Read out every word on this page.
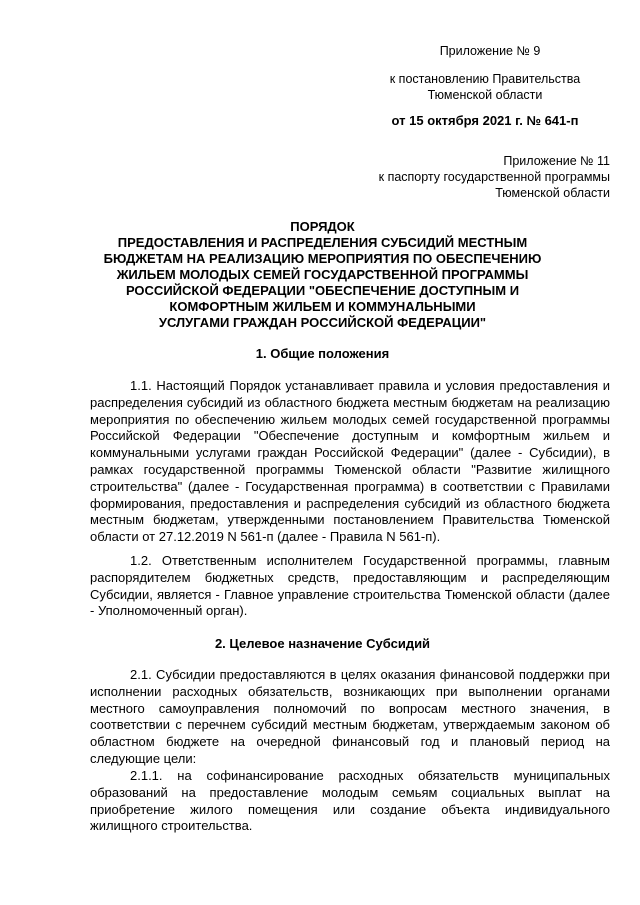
Приложение № 9
к постановлению Правительства
Тюменской области
от 15 октября 2021 г. № 641-п
Приложение № 11
к паспорту государственной программы
Тюменской области
ПОРЯДОК
ПРЕДОСТАВЛЕНИЯ И РАСПРЕДЕЛЕНИЯ СУБСИДИЙ МЕСТНЫМ
БЮДЖЕТАМ НА РЕАЛИЗАЦИЮ МЕРОПРИЯТИЯ ПО ОБЕСПЕЧЕНИЮ
ЖИЛЬЕМ МОЛОДЫХ СЕМЕЙ ГОСУДАРСТВЕННОЙ ПРОГРАММЫ
РОССИЙСКОЙ ФЕДЕРАЦИИ "ОБЕСПЕЧЕНИЕ ДОСТУПНЫМ И
КОМФОРТНЫМ ЖИЛЬЕМ И КОММУНАЛЬНЫМИ
УСЛУГАМИ ГРАЖДАН РОССИЙСКОЙ ФЕДЕРАЦИИ"
1. Общие положения

1.1. Настоящий Порядок устанавливает правила и условия предоставления и распределения субсидий из областного бюджета местным бюджетам на реализацию мероприятия по обеспечению жильем молодых семей государственной программы Российской Федерации "Обеспечение доступным и комфортным жильем и коммунальными услугами граждан Российской Федерации" (далее - Субсидии), в рамках государственной программы Тюменской области "Развитие жилищного строительства" (далее - Государственная программа) в соответствии с Правилами формирования, предоставления и распределения субсидий из областного бюджета местным бюджетам, утвержденными постановлением Правительства Тюменской области от 27.12.2019 N 561-п (далее - Правила N 561-п).

1.2. Ответственным исполнителем Государственной программы, главным распорядителем бюджетных средств, предоставляющим и распределяющим Субсидии, является - Главное управление строительства Тюменской области (далее - Уполномоченный орган).

2. Целевое назначение Субсидий

2.1. Субсидии предоставляются в целях оказания финансовой поддержки при исполнении расходных обязательств, возникающих при выполнении органами местного самоуправления полномочий по вопросам местного значения, в соответствии с перечнем субсидий местным бюджетам, утверждаемым законом об областном бюджете на очередной финансовый год и плановый период на следующие цели:

2.1.1. на софинансирование расходных обязательств муниципальных образований на предоставление молодым семьям социальных выплат на приобретение жилого помещения или создание объекта индивидуального жилищного строительства.
